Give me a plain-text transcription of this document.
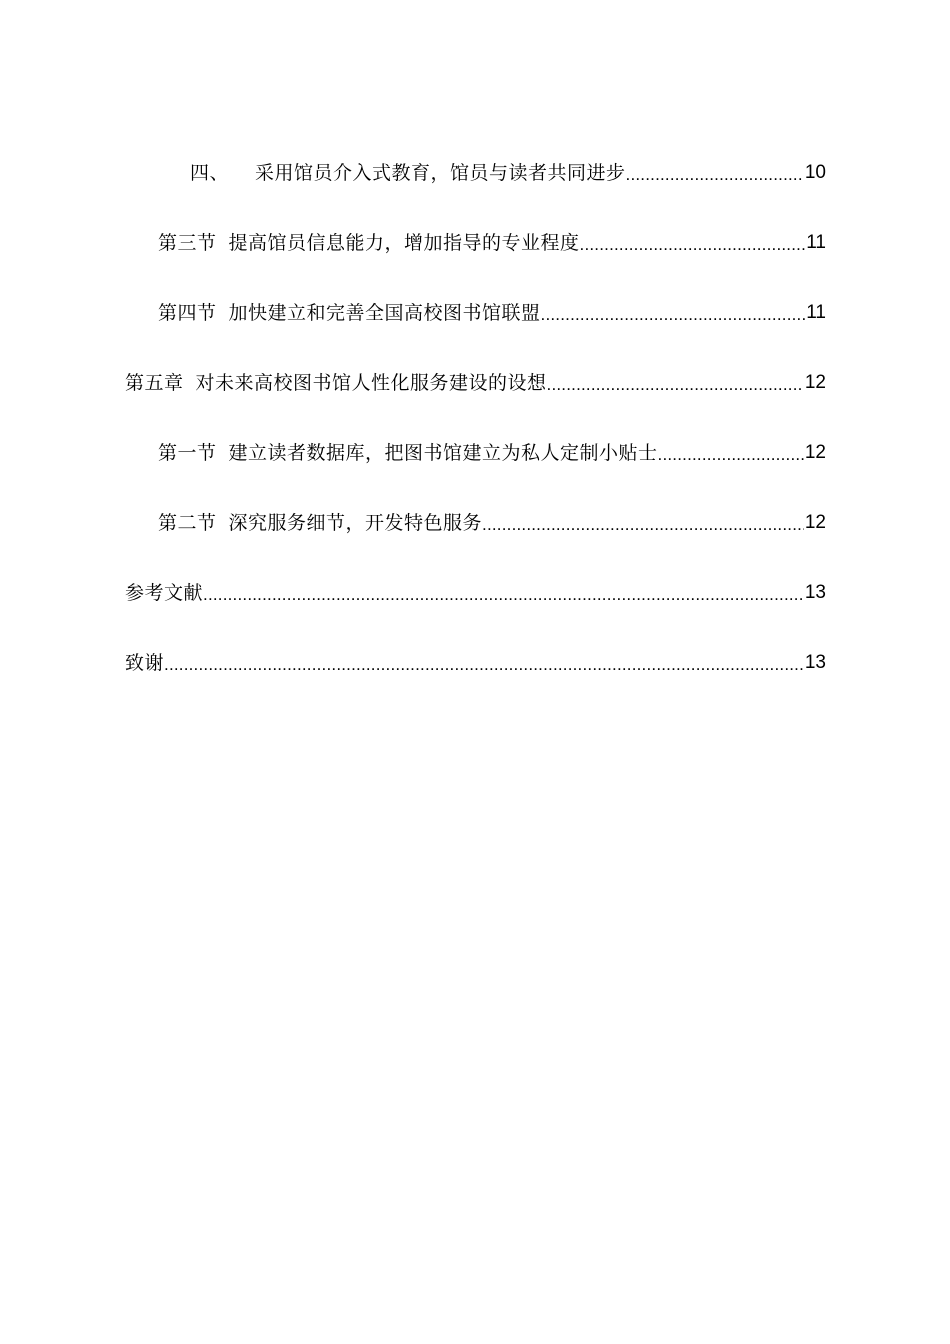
四、 采用馆员介入式教育，馆员与读者共同进步 .....	10
第三节 提高馆员信息能力，增加指导的专业程度 .....	11
第四节 加快建立和完善全国高校图书馆联盟 .....	11
第五章 对未来高校图书馆人性化服务建设的设想 .....	12
第一节 建立读者数据库，把图书馆建立为私人定制小贴士 .....	12
第二节 深究服务细节，开发特色服务 .....	12
参考文献 .....	13
致谢 .....	13
